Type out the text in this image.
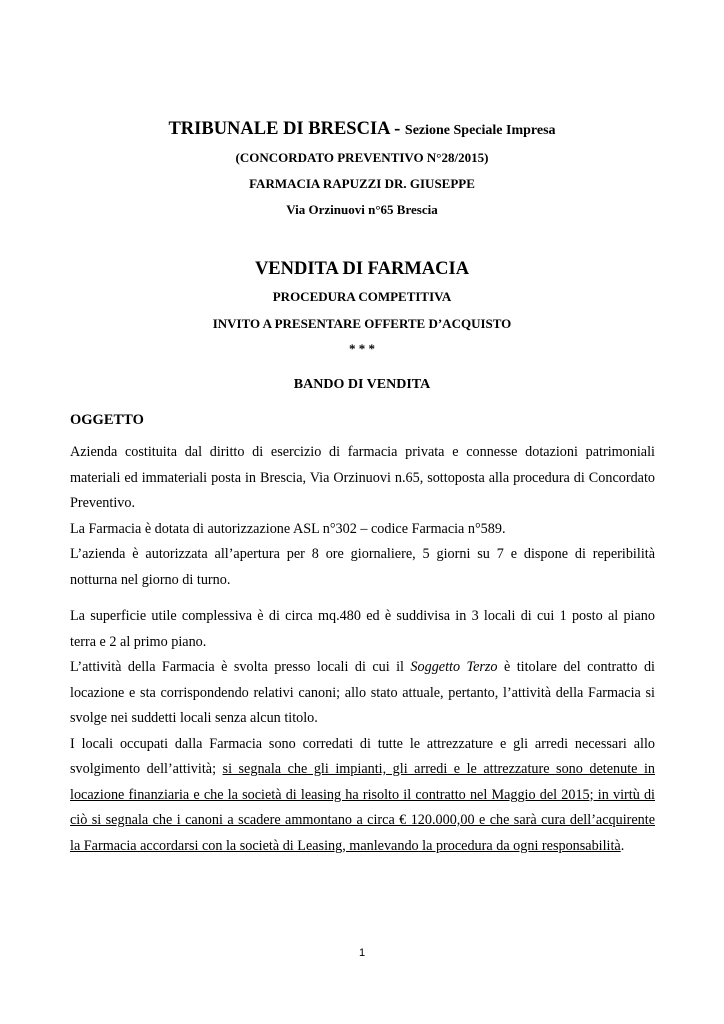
TRIBUNALE DI BRESCIA - Sezione Speciale Impresa
(CONCORDATO PREVENTIVO N°28/2015)
FARMACIA RAPUZZI DR. GIUSEPPE
Via Orzinuovi n°65 Brescia
VENDITA DI FARMACIA
PROCEDURA COMPETITIVA
INVITO A PRESENTARE OFFERTE D’ACQUISTO
* * *
BANDO DI VENDITA
OGGETTO
Azienda costituita dal diritto di esercizio di farmacia privata e connesse dotazioni patrimoniali
materiali ed immateriali posta in Brescia, Via Orzinuovi n.65, sottoposta alla procedura di Concordato
Preventivo.
La Farmacia è dotata di autorizzazione ASL n°302 – codice Farmacia n°589.
L’azienda è autorizzata all’apertura per 8 ore giornaliere, 5 giorni su 7 e dispone di reperibilità
notturna nel giorno di turno.
La superficie utile complessiva è di circa mq.480 ed è suddivisa in 3 locali di cui 1 posto al piano
terra e 2 al primo piano.
L’attività della Farmacia è svolta presso locali di cui il Soggetto Terzo è titolare del contratto di
locazione e sta corrispondendo relativi canoni; allo stato attuale, pertanto, l’attività della Farmacia si
svolge nei suddetti locali senza alcun titolo.
I locali occupati dalla Farmacia sono corredati di tutte le attrezzature e gli arredi necessari allo
svolgimento dell’attività; si segnala che gli impianti, gli arredi e le attrezzature sono detenute in
locazione finanziaria e che la società di leasing ha risolto il contratto nel Maggio del 2015; in virtù di
ciò si segnala che i canoni a scadere ammontano a circa € 120.000,00 e che sarà cura dell’acquirente
la Farmacia accordarsi con la società di Leasing, manlevando la procedura da ogni responsabilità.
1
